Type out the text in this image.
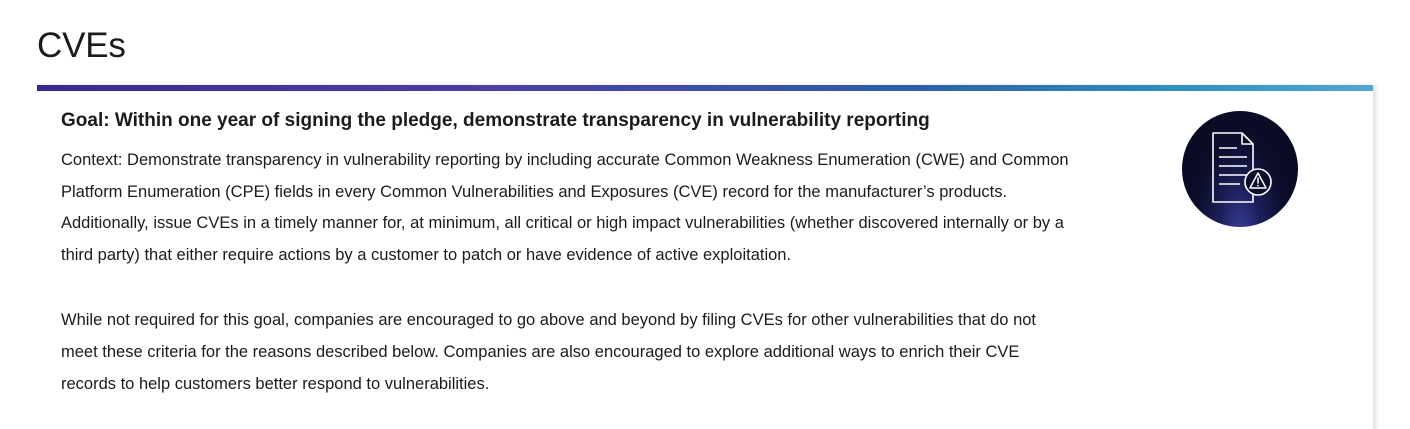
CVEs
Goal: Within one year of signing the pledge, demonstrate transparency in vulnerability reporting

Context: Demonstrate transparency in vulnerability reporting by including accurate Common Weakness Enumeration (CWE) and Common Platform Enumeration (CPE) fields in every Common Vulnerabilities and Exposures (CVE) record for the manufacturer’s products. Additionally, issue CVEs in a timely manner for, at minimum, all critical or high impact vulnerabilities (whether discovered internally or by a third party) that either require actions by a customer to patch or have evidence of active exploitation.

While not required for this goal, companies are encouraged to go above and beyond by filing CVEs for other vulnerabilities that do not meet these criteria for the reasons described below. Companies are also encouraged to explore additional ways to enrich their CVE records to help customers better respond to vulnerabilities.
